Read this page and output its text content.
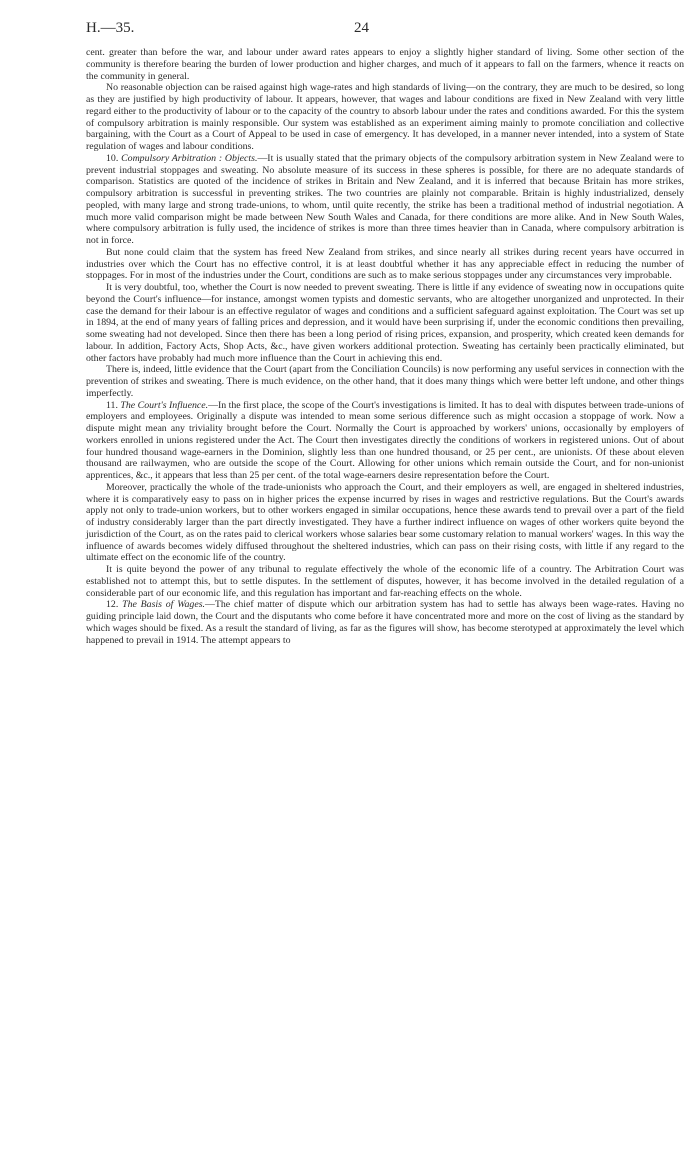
H.—35.	24

cent. greater than before the war, and labour under award rates appears to enjoy a slightly higher standard of living. Some other section of the community is therefore bearing the burden of lower production and higher charges, and much of it appears to fall on the farmers, whence it reacts on the community in general.

No reasonable objection can be raised against high wage-rates and high standards of living—on the contrary, they are much to be desired, so long as they are justified by high productivity of labour. It appears, however, that wages and labour conditions are fixed in New Zealand with very little regard either to the productivity of labour or to the capacity of the country to absorb labour under the rates and conditions awarded. For this the system of compulsory arbitration is mainly responsible. Our system was established as an experiment aiming mainly to promote conciliation and collective bargaining, with the Court as a Court of Appeal to be used in case of emergency. It has developed, in a manner never intended, into a system of State regulation of wages and labour conditions.

10. Compulsory Arbitration : Objects.—It is usually stated that the primary objects of the compulsory arbitration system in New Zealand were to prevent industrial stoppages and sweating. No absolute measure of its success in these spheres is possible, for there are no adequate standards of comparison. Statistics are quoted of the incidence of strikes in Britain and New Zealand, and it is inferred that because Britain has more strikes, compulsory arbitration is successful in preventing strikes. The two countries are plainly not comparable. Britain is highly industrialized, densely peopled, with many large and strong trade-unions, to whom, until quite recently, the strike has been a traditional method of industrial negotiation. A much more valid comparison might be made between New South Wales and Canada, for there conditions are more alike. And in New South Wales, where compulsory arbitration is fully used, the incidence of strikes is more than three times heavier than in Canada, where compulsory arbitration is not in force.

But none could claim that the system has freed New Zealand from strikes, and since nearly all strikes during recent years have occurred in industries over which the Court has no effective control, it is at least doubtful whether it has any appreciable effect in reducing the number of stoppages. For in most of the industries under the Court, conditions are such as to make serious stoppages under any circumstances very improbable.

It is very doubtful, too, whether the Court is now needed to prevent sweating. There is little if any evidence of sweating now in occupations quite beyond the Court's influence—for instance, amongst women typists and domestic servants, who are altogether unorganized and unprotected. In their case the demand for their labour is an effective regulator of wages and conditions and a sufficient safeguard against exploitation. The Court was set up in 1894, at the end of many years of falling prices and depression, and it would have been surprising if, under the economic conditions then prevailing, some sweating had not developed. Since then there has been a long period of rising prices, expansion, and prosperity, which created keen demands for labour. In addition, Factory Acts, Shop Acts, &c., have given workers additional protection. Sweating has certainly been practically eliminated, but other factors have probably had much more influence than the Court in achieving this end.

There is, indeed, little evidence that the Court (apart from the Conciliation Councils) is now performing any useful services in connection with the prevention of strikes and sweating. There is much evidence, on the other hand, that it does many things which were better left undone, and other things imperfectly.

11. The Court's Influence.—In the first place, the scope of the Court's investigations is limited. It has to deal with disputes between trade-unions of employers and employees. Originally a dispute was intended to mean some serious difference such as might occasion a stoppage of work. Now a dispute might mean any triviality brought before the Court. Normally the Court is approached by workers' unions, occasionally by employers of workers enrolled in unions registered under the Act. The Court then investigates directly the conditions of workers in registered unions. Out of about four hundred thousand wage-earners in the Dominion, slightly less than one hundred thousand, or 25 per cent., are unionists. Of these about eleven thousand are railwaymen, who are outside the scope of the Court. Allowing for other unions which remain outside the Court, and for non-unionist apprentices, &c., it appears that less than 25 per cent. of the total wage-earners desire representation before the Court.

Moreover, practically the whole of the trade-unionists who approach the Court, and their employers as well, are engaged in sheltered industries, where it is comparatively easy to pass on in higher prices the expense incurred by rises in wages and restrictive regulations. But the Court's awards apply not only to trade-union workers, but to other workers engaged in similar occupations, hence these awards tend to prevail over a part of the field of industry considerably larger than the part directly investigated. They have a further indirect influence on wages of other workers quite beyond the jurisdiction of the Court, as on the rates paid to clerical workers whose salaries bear some customary relation to manual workers' wages. In this way the influence of awards becomes widely diffused throughout the sheltered industries, which can pass on their rising costs, with little if any regard to the ultimate effect on the economic life of the country.

It is quite beyond the power of any tribunal to regulate effectively the whole of the economic life of a country. The Arbitration Court was established not to attempt this, but to settle disputes. In the settlement of disputes, however, it has become involved in the detailed regulation of a considerable part of our economic life, and this regulation has important and far-reaching effects on the whole.

12. The Basis of Wages.—The chief matter of dispute which our arbitration system has had to settle has always been wage-rates. Having no guiding principle laid down, the Court and the disputants who come before it have concentrated more and more on the cost of living as the standard by which wages should be fixed. As a result the standard of living, as far as the figures will show, has become sterotyped at approximately the level which happened to prevail in 1914. The attempt appears to
